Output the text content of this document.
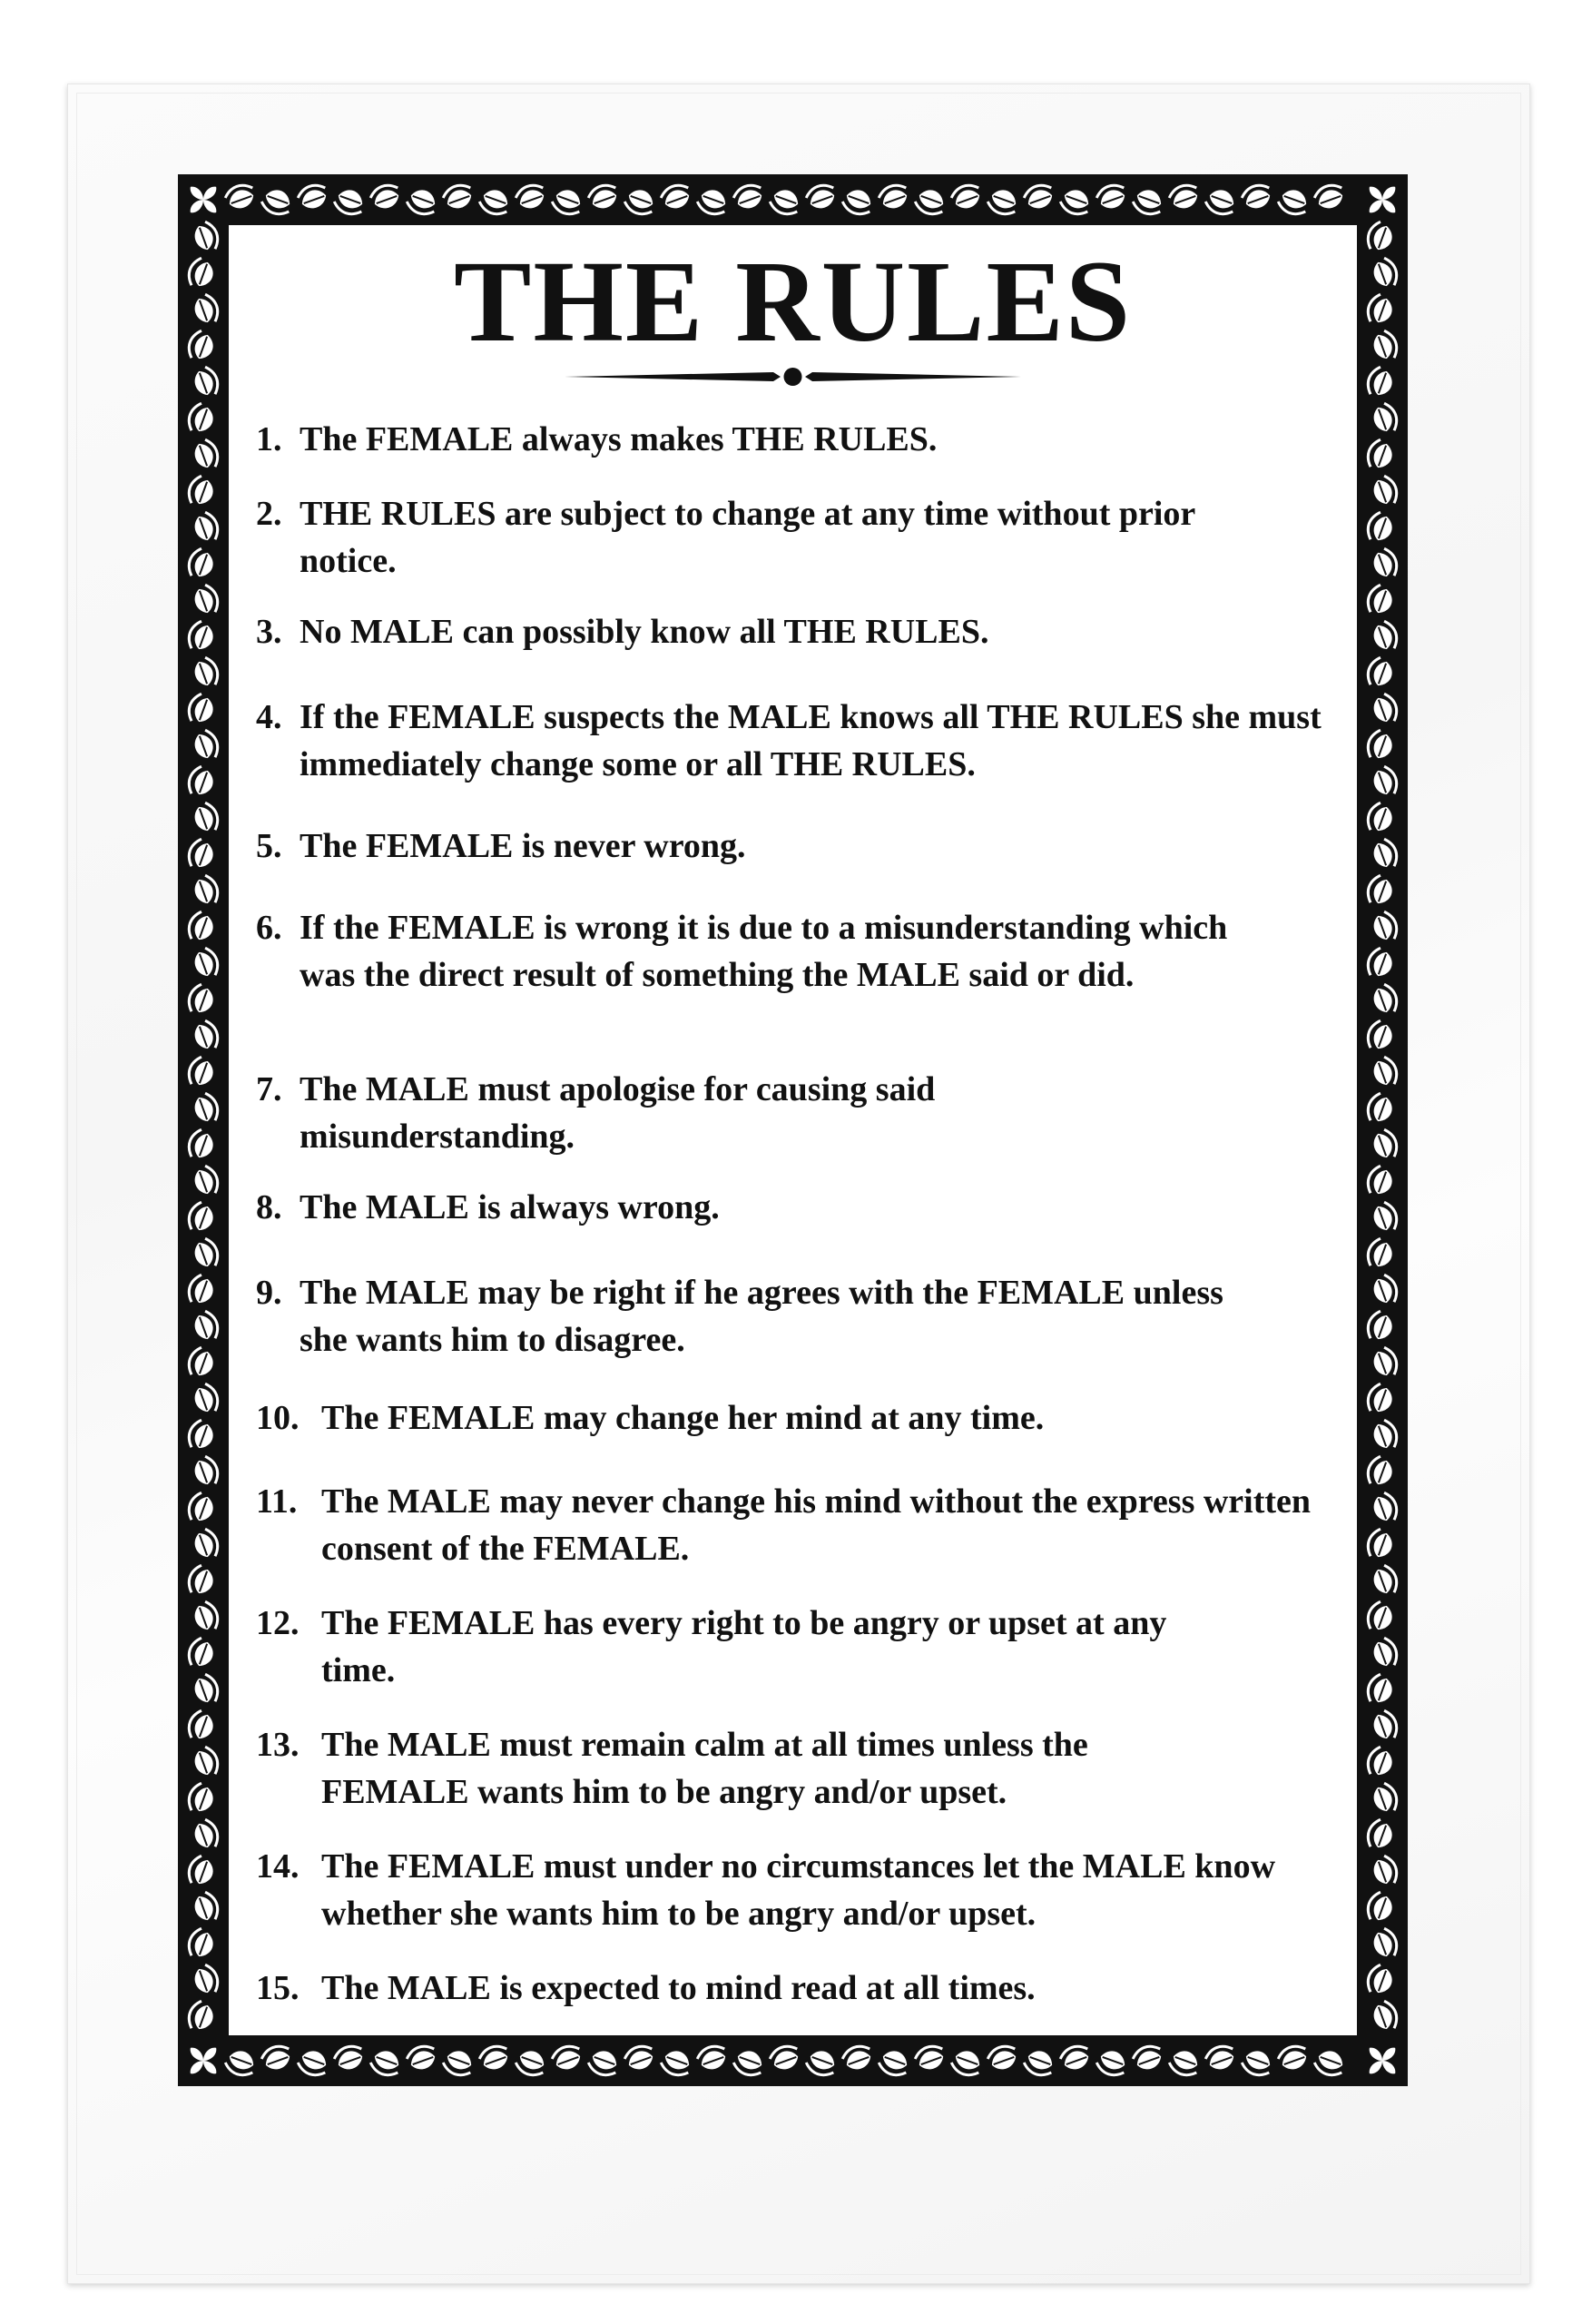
THE RULES
1. The FEMALE always makes THE RULES.
2. THE RULES are subject to change at any time without prior notice.
3. No MALE can possibly know all THE RULES.
4. If the FEMALE suspects the MALE knows all THE RULES she must immediately change some or all THE RULES.
5. The FEMALE is never wrong.
6. If the FEMALE is wrong it is due to a misunderstanding which was the direct result of something the MALE said or did.
7. The MALE must apologise for causing said misunderstanding.
8. The MALE is always wrong.
9. The MALE may be right if he agrees with the FEMALE unless she wants him to disagree.
10. The FEMALE may change her mind at any time.
11. The MALE may never change his mind without the express written consent of the FEMALE.
12. The FEMALE has every right to be angry or upset at any time.
13. The MALE must remain calm at all times unless the FEMALE wants him to be angry and/or upset.
14. The FEMALE must under no circumstances let the MALE know whether she wants him to be angry and/or upset.
15. The MALE is expected to mind read at all times.
